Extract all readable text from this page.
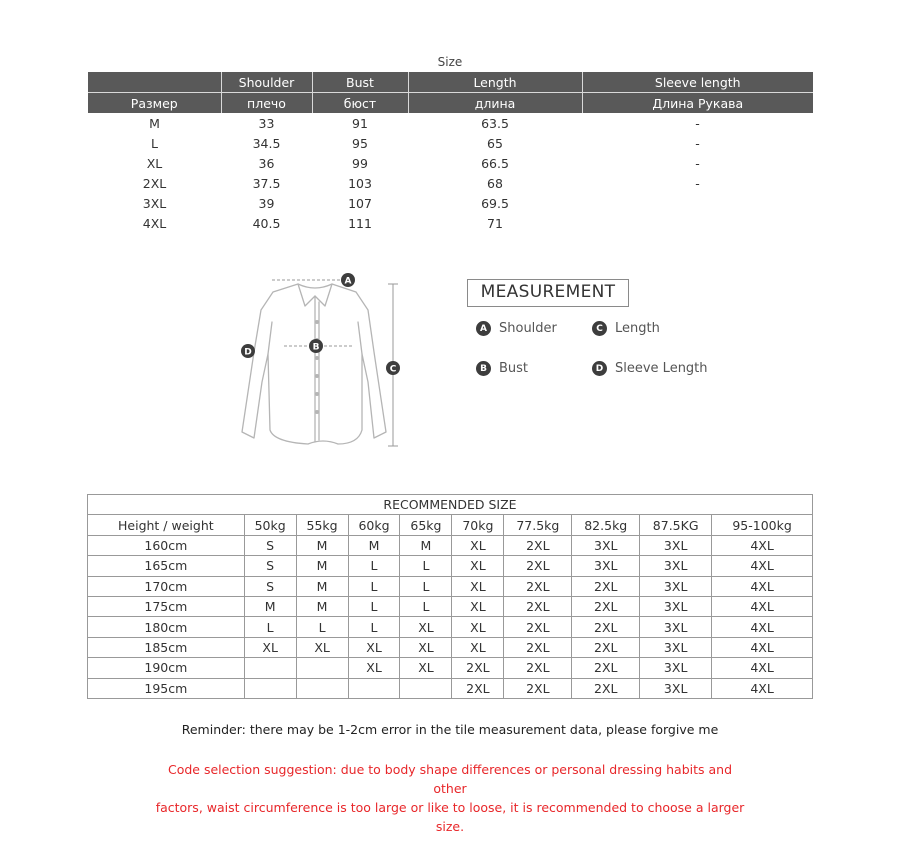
Size
	Shoulder	Bust	Length	Sleeve length
Размер	плечо	бюст	длина	Длина Рукава
M	33	91	63.5	-
L	34.5	95	65	-
XL	36	99	66.5	-
2XL	37.5	103	68	-
3XL	39	107	69.5	
4XL	40.5	111	71	
A
B
C
D
MEASUREMENT
A Shoulder	C Length
B Bust	D Sleeve Length
RECOMMENDED SIZE									
Height / weight	50kg	55kg	60kg	65kg	70kg	77.5kg	82.5kg	87.5KG	95-100kg
160cm	S	M	M	M	XL	2XL	3XL	3XL	4XL
165cm	S	M	L	L	XL	2XL	3XL	3XL	4XL
170cm	S	M	L	L	XL	2XL	2XL	3XL	4XL
175cm	M	M	L	L	XL	2XL	2XL	3XL	4XL
180cm	L	L	L	XL	XL	2XL	2XL	3XL	4XL
185cm	XL	XL	XL	XL	XL	2XL	2XL	3XL	4XL
190cm			XL	XL	2XL	2XL	2XL	3XL	4XL
195cm					2XL	2XL	2XL	3XL	4XL
Reminder: there may be 1-2cm error in the tile measurement data, please forgive me
Code selection suggestion: due to body shape differences or personal dressing habits and other
factors, waist circumference is too large or like to loose, it is recommended to choose a larger size.
